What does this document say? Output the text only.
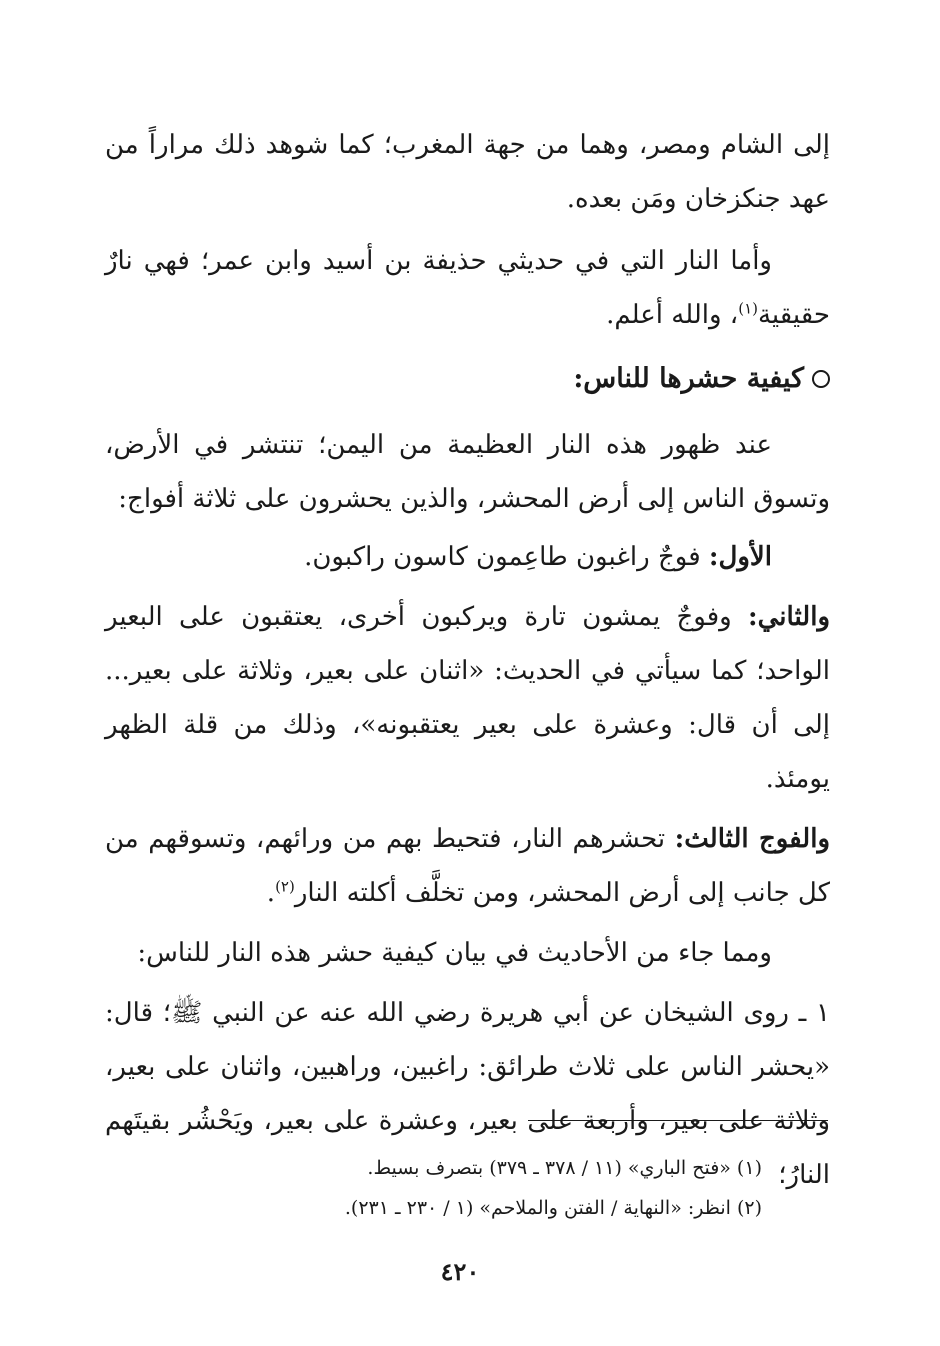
إلى الشام ومصر، وهما من جهة المغرب؛ كما شوهد ذلك مراراً من عهد جنكزخان ومَن بعده.

وأما النار التي في حديثي حذيفة بن أسيد وابن عمر؛ فهي نارٌ حقيقية$^{(١)}$، والله أعلم.

كيفية حشرها للناس:

عند ظهور هذه النار العظيمة من اليمن؛ تنتشر في الأرض، وتسوق الناس إلى أرض المحشر، والذين يحشرون على ثلاثة أفواج:

الأول: فوجٌ راغبون طاعِمون كاسون راكبون.

والثاني: وفوجٌ يمشون تارة ويركبون أخرى، يعتقبون على البعير الواحد؛ كما سيأتي في الحديث: «اثنان على بعير، وثلاثة على بعير... إلى أن قال: وعشرة على بعير يعتقبونه»، وذلك من قلة الظهر يومئذ.

والفوج الثالث: تحشرهم النار، فتحيط بهم من ورائهم، وتسوقهم من كل جانب إلى أرض المحشر، ومن تخلَّف أكلته النار$^{(٢)}$.

ومما جاء من الأحاديث في بيان كيفية حشر هذه النار للناس:

١ ـ روى الشيخان عن أبي هريرة رضي الله عنه عن النبي ﷺ؛ قال: «يحشر الناس على ثلاث طرائق: راغبين، وراهبين، واثنان على بعير، وثلاثة على بعير، وأربعة على بعير، وعشرة على بعير، ويَحْشُر بقيتَهم النارُ؛

(١) «فتح الباري» (١١ / ٣٧٨ ـ ٣٧٩) بتصرف بسيط.

(٢) انظر: «النهاية / الفتن والملاحم» (١ / ٢٣٠ ـ ٢٣١).

٤٢٠
